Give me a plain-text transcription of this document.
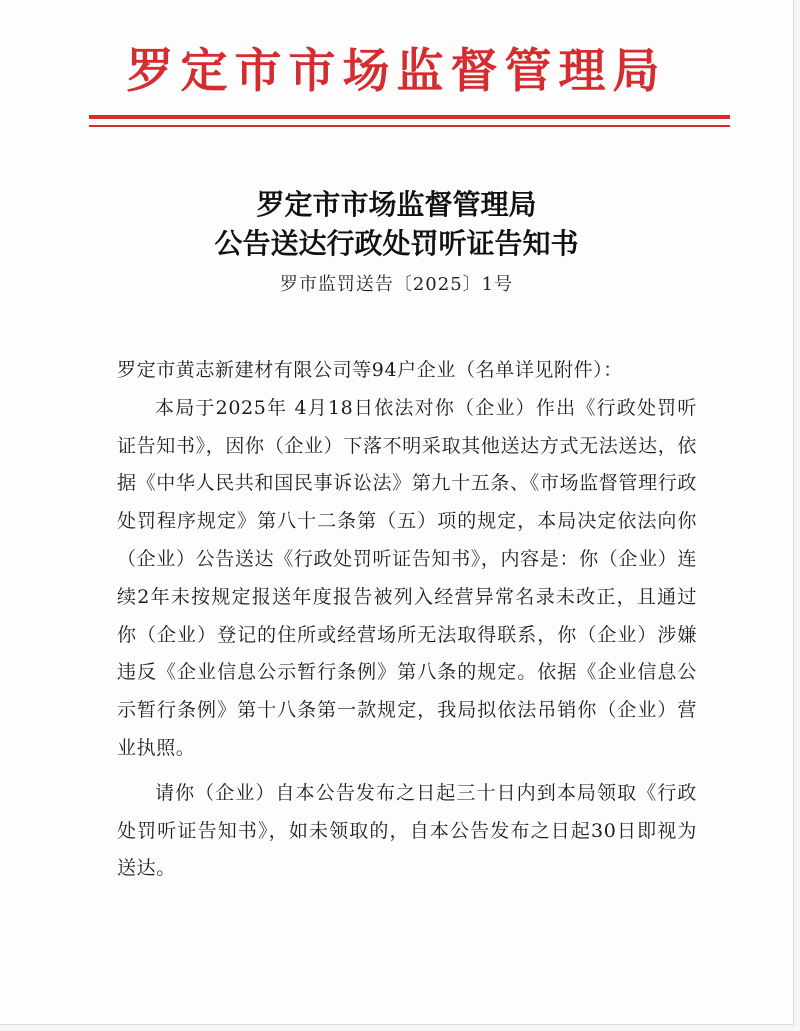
罗定市市场监督管理局
罗定市市场监督管理局
公告送达行政处罚听证告知书
罗市监罚送告〔2025〕1号

罗定市黄志新建材有限公司等94户企业（名单详见附件）：

本局于2025年 4月18日依法对你（企业）作出《行政处罚听证告知书》，因你（企业）下落不明采取其他送达方式无法送达，依据《中华人民共和国民事诉讼法》第九十五条、《市场监督管理行政处罚程序规定》第八十二条第（五）项的规定，本局决定依法向你（企业）公告送达《行政处罚听证告知书》，内容是：你（企业）连续2年未按规定报送年度报告被列入经营异常名录未改正，且通过你（企业）登记的住所或经营场所无法取得联系，你（企业）涉嫌违反《企业信息公示暂行条例》第八条的规定。依据《企业信息公示暂行条例》第十八条第一款规定，我局拟依法吊销你（企业）营业执照。

请你（企业）自本公告发布之日起三十日内到本局领取《行政处罚听证告知书》，如未领取的，自本公告发布之日起30日即视为送达。
